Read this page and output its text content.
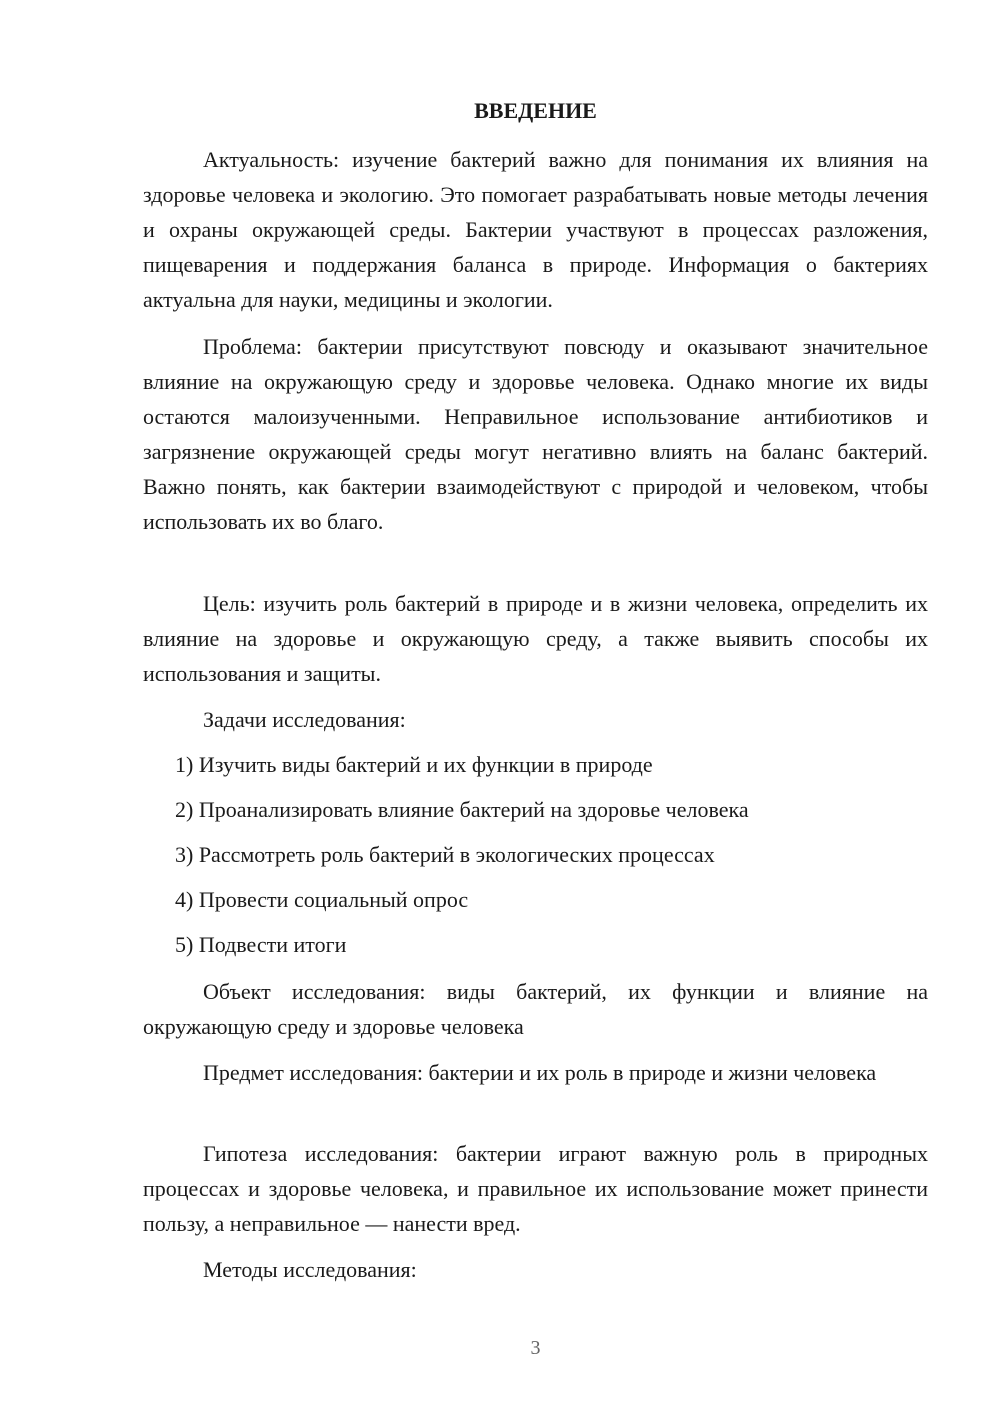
ВВЕДЕНИЕ

Актуальность: изучение бактерий важно для понимания их влияния на здоровье человека и экологию. Это помогает разрабатывать новые методы лечения и охраны окружающей среды. Бактерии участвуют в процессах разложения, пищеварения и поддержания баланса в природе. Информация о бактериях актуальна для науки, медицины и экологии.

Проблема: бактерии присутствуют повсюду и оказывают значительное влияние на окружающую среду и здоровье человека. Однако многие их виды остаются малоизученными. Неправильное использование антибиотиков и загрязнение окружающей среды могут негативно влиять на баланс бактерий. Важно понять, как бактерии взаимодействуют с природой и человеком, чтобы использовать их во благо.

Цель: изучить роль бактерий в природе и в жизни человека, определить их влияние на здоровье и окружающую среду, а также выявить способы их использования и защиты.

Задачи исследования:

1) Изучить виды бактерий и их функции в природе

2) Проанализировать влияние бактерий на здоровье человека

3) Рассмотреть роль бактерий в экологических процессах

4) Провести социальный опрос

5) Подвести итоги

Объект исследования: виды бактерий, их функции и влияние на окружающую среду и здоровье человека

Предмет исследования: бактерии и их роль в природе и жизни человека

Гипотеза исследования: бактерии играют важную роль в природных процессах и здоровье человека, и правильное их использование может принести пользу, а неправильное — нанести вред.

Методы исследования:

3
